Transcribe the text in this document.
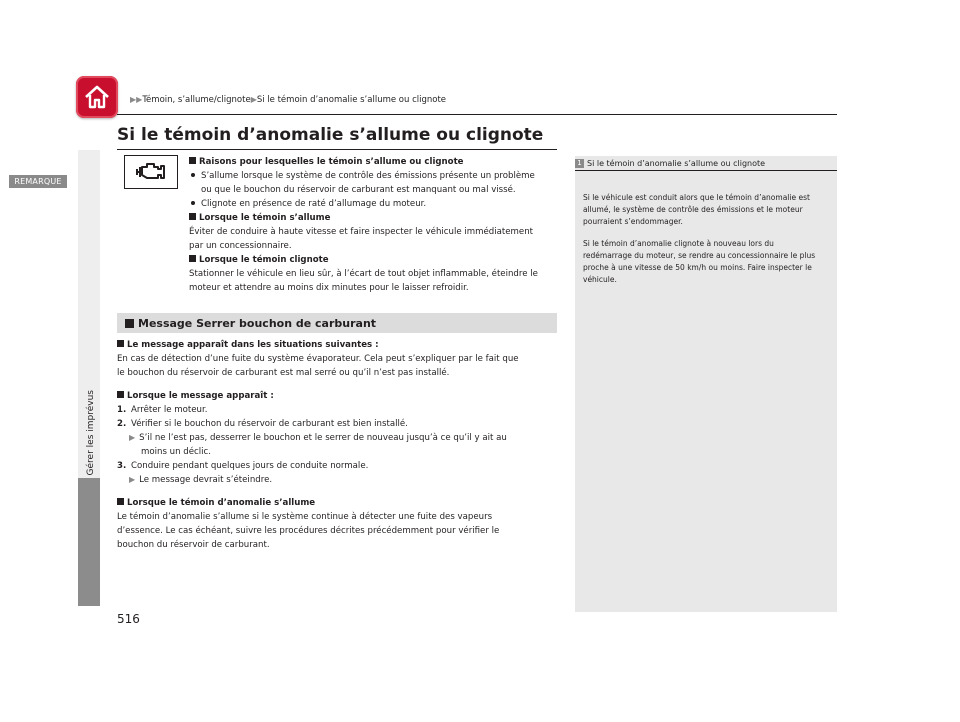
▶▶Témoin, s’allume/clignote▶Si le témoin d’anomalie s’allume ou clignote
Gérer les imprévus
516
Si le témoin d’anomalie s’allume ou clignote
Raisons pour lesquelles le témoin s’allume ou clignote
S’allume lorsque le système de contrôle des émissions présente un problème
ou que le bouchon du réservoir de carburant est manquant ou mal vissé.
Clignote en présence de raté d’allumage du moteur.
Lorsque le témoin s’allume
Éviter de conduire à haute vitesse et faire inspecter le véhicule immédiatement
par un concessionnaire.
Lorsque le témoin clignote
Stationner le véhicule en lieu sûr, à l’écart de tout objet inflammable, éteindre le
moteur et attendre au moins dix minutes pour le laisser refroidir.
Le message apparaît dans les situations suivantes :
En cas de détection d’une fuite du système évaporateur. Cela peut s’expliquer par le fait que
le bouchon du réservoir de carburant est mal serré ou qu’il n’est pas installé.
Lorsque le message apparaît :
1. Arrêter le moteur.
2. Vérifier si le bouchon du réservoir de carburant est bien installé.
▶ S’il ne l’est pas, desserrer le bouchon et le serrer de nouveau jusqu’à ce qu’il y ait au
moins un déclic.
3. Conduire pendant quelques jours de conduite normale.
▶ Le message devrait s’éteindre.
Lorsque le témoin d’anomalie s’allume
Le témoin d’anomalie s’allume si le système continue à détecter une fuite des vapeurs
d’essence. Le cas échéant, suivre les procédures décrites précédemment pour vérifier le
bouchon du réservoir de carburant.
Message Serrer bouchon de carburant
1 Si le témoin d’anomalie s’allume ou clignote
Si le véhicule est conduit alors que le témoin d’anomalie est
allumé, le système de contrôle des émissions et le moteur
pourraient s’endommager.
Si le témoin d’anomalie clignote à nouveau lors du
redémarrage du moteur, se rendre au concessionnaire le plus
proche à une vitesse de 50 km/h ou moins. Faire inspecter le
véhicule.
REMARQUE
